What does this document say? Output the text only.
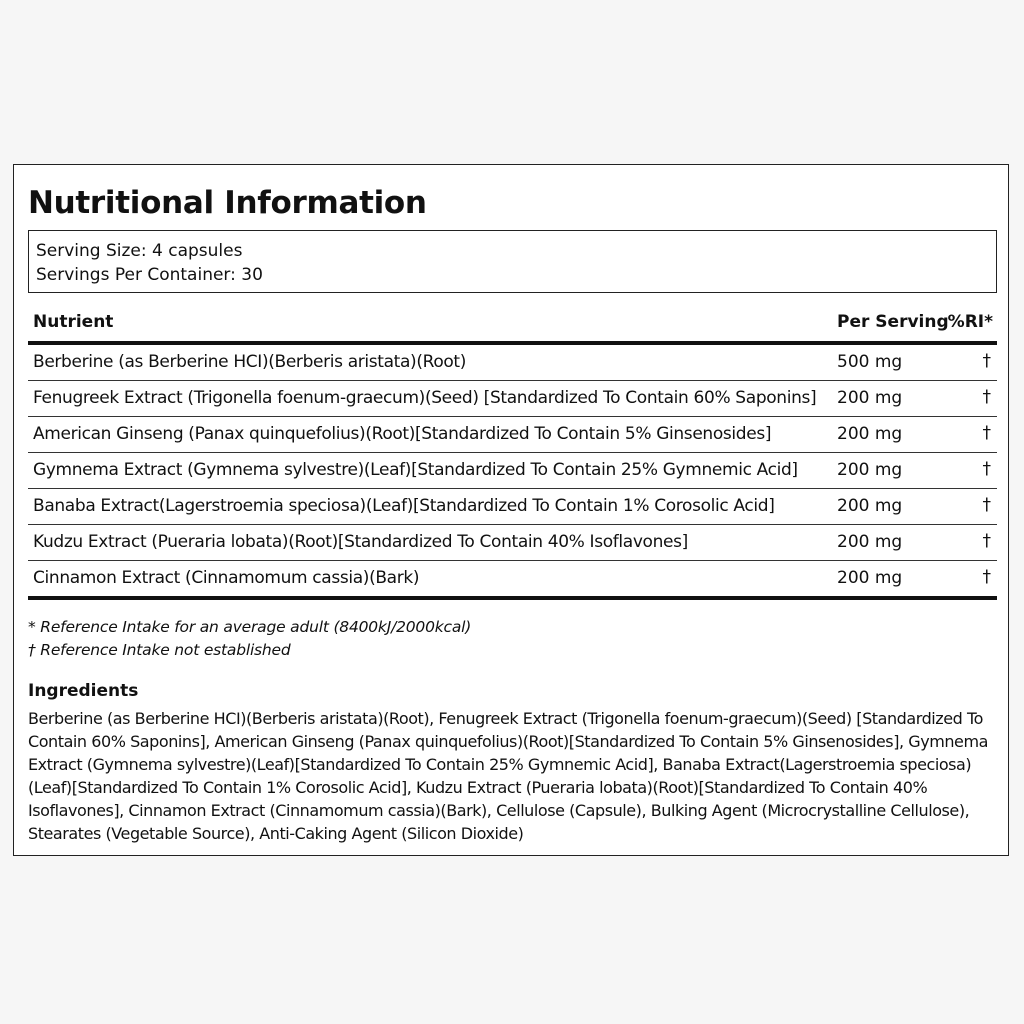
Nutritional Information
Serving Size: 4 capsules
Servings Per Container: 30
Nutrient	Per Serving %RI*
Berberine (as Berberine HCI)(Berberis aristata)(Root)	500 mg	†
Fenugreek Extract (Trigonella foenum-graecum)(Seed) [Standardized To Contain 60% Saponins] 200 mg	†
American Ginseng (Panax quinquefolius)(Root)[Standardized To Contain 5% Ginsenosides]	200 mg	†
Gymnema Extract (Gymnema sylvestre)(Leaf)[Standardized To Contain 25% Gymnemic Acid] 200 mg	†
Banaba Extract(Lagerstroemia speciosa)(Leaf)[Standardized To Contain 1% Corosolic Acid]	200 mg	†
Kudzu Extract (Pueraria lobata)(Root)[Standardized To Contain 40% Isoflavones]	200 mg	†
Cinnamon Extract (Cinnamomum cassia)(Bark)	200 mg	†
* Reference Intake for an average adult (8400kJ/2000kcal)
† Reference Intake not established
Ingredients

Berberine (as Berberine HCI)(Berberis aristata)(Root), Fenugreek Extract (Trigonella foenum-graecum)(Seed) [Standardized To Contain 60% Saponins], American Ginseng (Panax quinquefolius)(Root)[Standardized To Contain 5% Ginsenosides], Gymnema Extract (Gymnema sylvestre)(Leaf)[Standardized To Contain 25% Gymnemic Acid], Banaba Extract(Lagerstroemia speciosa)(Leaf)[Standardized To Contain 1% Corosolic Acid], Kudzu Extract (Pueraria lobata)(Root)[Standardized To Contain 40% Isoflavones], Cinnamon Extract (Cinnamomum cassia)(Bark), Cellulose (Capsule), Bulking Agent (Microcrystalline Cellulose), Stearates (Vegetable Source), Anti-Caking Agent (Silicon Dioxide)
